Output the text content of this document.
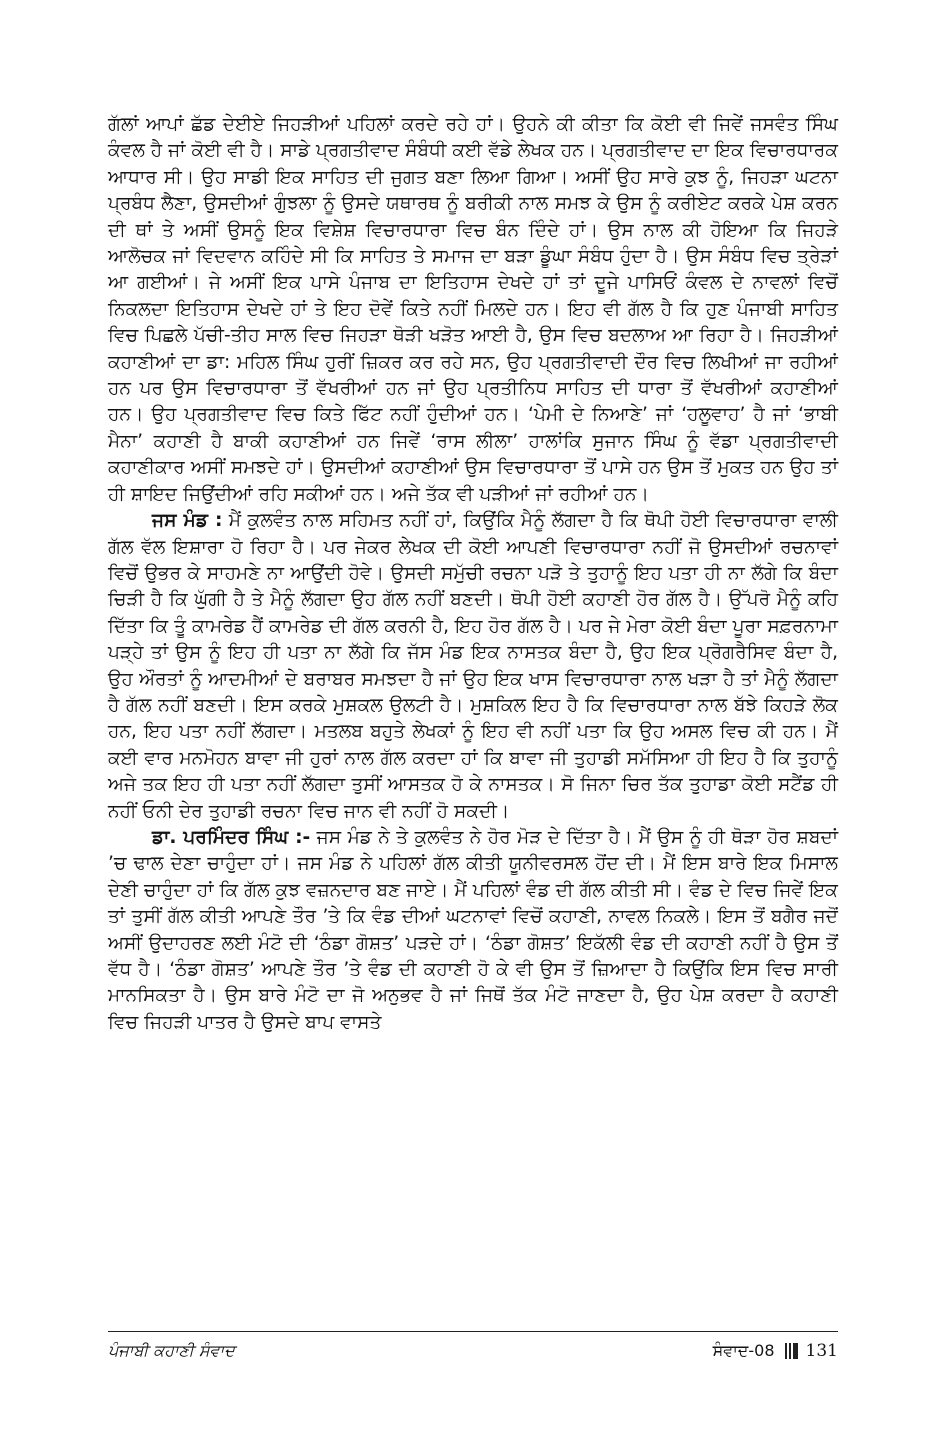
ਗੱਲਾਂ ਆਪਾਂ ਛੱਡ ਦੇਈਏ ਜਿਹੜੀਆਂ ਪਹਿਲਾਂ ਕਰਦੇ ਰਹੇ ਹਾਂ। ਉਹਨੇ ਕੀ ਕੀਤਾ ਕਿ ਕੋਈ ਵੀ ਜਿਵੇਂ ਜਸਵੰਤ ਸਿੰਘ ਕੰਵਲ ਹੈ ਜਾਂ ਕੋਈ ਵੀ ਹੈ। ਸਾਡੇ ਪ੍ਰਗਤੀਵਾਦ ਸੰਬੰਧੀ ਕਈ ਵੱਡੇ ਲੇਖਕ ਹਨ। ਪ੍ਰਗਤੀਵਾਦ ਦਾ ਇਕ ਵਿਚਾਰਧਾਰਕ ਆਧਾਰ ਸੀ। ਉਹ ਸਾਡੀ ਇਕ ਸਾਹਿਤ ਦੀ ਜੁਗਤ ਬਣਾ ਲਿਆ ਗਿਆ। ਅਸੀਂ ਉਹ ਸਾਰੇ ਕੁਝ ਨੂੰ, ਜਿਹੜਾ ਘਟਨਾ ਪ੍ਰਬੰਧ ਲੈਣਾ, ਉਸਦੀਆਂ ਗੁੰਝਲਾ ਨੂੰ ਉਸਦੇ ਯਥਾਰਥ ਨੂੰ ਬਰੀਕੀ ਨਾਲ ਸਮਝ ਕੇ ਉਸ ਨੂੰ ਕਰੀਏਟ ਕਰਕੇ ਪੇਸ਼ ਕਰਨ ਦੀ ਥਾਂ ਤੇ ਅਸੀਂ ਉਸਨੂੰ ਇਕ ਵਿਸ਼ੇਸ਼ ਵਿਚਾਰਧਾਰਾ ਵਿਚ ਬੰਨ ਦਿੰਦੇ ਹਾਂ। ਉਸ ਨਾਲ ਕੀ ਹੋਇਆ ਕਿ ਜਿਹੜੇ ਆਲੋਚਕ ਜਾਂ ਵਿਦਵਾਨ ਕਹਿੰਦੇ ਸੀ ਕਿ ਸਾਹਿਤ ਤੇ ਸਮਾਜ ਦਾ ਬੜਾ ਡੂੰਘਾ ਸੰਬੰਧ ਹੁੰਦਾ ਹੈ। ਉਸ ਸੰਬੰਧ ਵਿਚ ਤ੍ਰੇੜਾਂ ਆ ਗਈਆਂ। ਜੇ ਅਸੀਂ ਇਕ ਪਾਸੇ ਪੰਜਾਬ ਦਾ ਇਤਿਹਾਸ ਦੇਖਦੇ ਹਾਂ ਤਾਂ ਦੂਜੇ ਪਾਸਿਓਂ ਕੰਵਲ ਦੇ ਨਾਵਲਾਂ ਵਿਚੋਂ ਨਿਕਲਦਾ ਇਤਿਹਾਸ ਦੇਖਦੇ ਹਾਂ ਤੇ ਇਹ ਦੋਵੇਂ ਕਿਤੇ ਨਹੀਂ ਮਿਲਦੇ ਹਨ। ਇਹ ਵੀ ਗੱਲ ਹੈ ਕਿ ਹੁਣ ਪੰਜਾਬੀ ਸਾਹਿਤ ਵਿਚ ਪਿਛਲੇ ਪੱਚੀ-ਤੀਹ ਸਾਲ ਵਿਚ ਜਿਹੜਾ ਥੋੜੀ ਖੜੋਤ ਆਈ ਹੈ, ਉਸ ਵਿਚ ਬਦਲਾਅ ਆ ਰਿਹਾ ਹੈ। ਜਿਹੜੀਆਂ ਕਹਾਣੀਆਂ ਦਾ ਡਾ: ਮਹਿਲ ਸਿੰਘ ਹੁਰੀਂ ਜ਼ਿਕਰ ਕਰ ਰਹੇ ਸਨ, ਉਹ ਪ੍ਰਗਤੀਵਾਦੀ ਦੌਰ ਵਿਚ ਲਿਖੀਆਂ ਜਾ ਰਹੀਆਂ ਹਨ ਪਰ ਉਸ ਵਿਚਾਰਧਾਰਾ ਤੋਂ ਵੱਖਰੀਆਂ ਹਨ ਜਾਂ ਉਹ ਪ੍ਰਤੀਨਿਧ ਸਾਹਿਤ ਦੀ ਧਾਰਾ ਤੋਂ ਵੱਖਰੀਆਂ ਕਹਾਣੀਆਂ ਹਨ। ਉਹ ਪ੍ਰਗਤੀਵਾਦ ਵਿਚ ਕਿਤੇ ਫਿੱਟ ਨਹੀਂ ਹੁੰਦੀਆਂ ਹਨ। ‘ਪੇਮੀ ਦੇ ਨਿਆਣੇ’ ਜਾਂ ‘ਹਲੂਵਾਹ’ ਹੈ ਜਾਂ ‘ਭਾਬੀ ਮੈਨਾ’ ਕਹਾਣੀ ਹੈ ਬਾਕੀ ਕਹਾਣੀਆਂ ਹਨ ਜਿਵੇਂ ‘ਰਾਸ ਲੀਲਾ’ ਹਾਲਾਂਕਿ ਸੁਜਾਨ ਸਿੰਘ ਨੂੰ ਵੱਡਾ ਪ੍ਰਗਤੀਵਾਦੀ ਕਹਾਣੀਕਾਰ ਅਸੀਂ ਸਮਝਦੇ ਹਾਂ। ਉਸਦੀਆਂ ਕਹਾਣੀਆਂ ਉਸ ਵਿਚਾਰਧਾਰਾ ਤੋਂ ਪਾਸੇ ਹਨ ਉਸ ਤੋਂ ਮੁਕਤ ਹਨ ਉਹ ਤਾਂ ਹੀ ਸ਼ਾਇਦ ਜਿਉਂਦੀਆਂ ਰਹਿ ਸਕੀਆਂ ਹਨ। ਅਜੇ ਤੱਕ ਵੀ ਪੜੀਆਂ ਜਾਂ ਰਹੀਆਂ ਹਨ।

ਜਸ ਮੰਡ : ਮੈਂ ਕੁਲਵੰਤ ਨਾਲ ਸਹਿਮਤ ਨਹੀਂ ਹਾਂ, ਕਿਉਂਕਿ ਮੈਨੂੰ ਲੱਗਦਾ ਹੈ ਕਿ ਥੋਪੀ ਹੋਈ ਵਿਚਾਰਧਾਰਾ ਵਾਲੀ ਗੱਲ ਵੱਲ ਇਸ਼ਾਰਾ ਹੋ ਰਿਹਾ ਹੈ। ਪਰ ਜੇਕਰ ਲੇਖਕ ਦੀ ਕੋਈ ਆਪਣੀ ਵਿਚਾਰਧਾਰਾ ਨਹੀਂ ਜੋ ਉਸਦੀਆਂ ਰਚਨਾਵਾਂ ਵਿਚੋਂ ਉਭਰ ਕੇ ਸਾਹਮਣੇ ਨਾ ਆਉਂਦੀ ਹੋਵੇ। ਉਸਦੀ ਸਮੁੱਚੀ ਰਚਨਾ ਪੜੋ ਤੇ ਤੁਹਾਨੂੰ ਇਹ ਪਤਾ ਹੀ ਨਾ ਲੱਗੇ ਕਿ ਬੰਦਾ ਚਿੜੀ ਹੈ ਕਿ ਘੁੱਗੀ ਹੈ ਤੇ ਮੈਨੂੰ ਲੱਗਦਾ ਉਹ ਗੱਲ ਨਹੀਂ ਬਣਦੀ। ਥੋਪੀ ਹੋਈ ਕਹਾਣੀ ਹੋਰ ਗੱਲ ਹੈ। ਉੱਪਰੋ ਮੈਨੂੰ ਕਹਿ ਦਿੱਤਾ ਕਿ ਤੂੰ ਕਾਮਰੇਡ ਹੈਂ ਕਾਮਰੇਡ ਦੀ ਗੱਲ ਕਰਨੀ ਹੈ, ਇਹ ਹੋਰ ਗੱਲ ਹੈ। ਪਰ ਜੇ ਮੇਰਾ ਕੋਈ ਬੰਦਾ ਪੂਰਾ ਸਫ਼ਰਨਾਮਾ ਪੜ੍ਹੇ ਤਾਂ ਉਸ ਨੂੰ ਇਹ ਹੀ ਪਤਾ ਨਾ ਲੱਗੇ ਕਿ ਜੱਸ ਮੰਡ ਇਕ ਨਾਸਤਕ ਬੰਦਾ ਹੈ, ਉਹ ਇਕ ਪ੍ਰੋਗਰੈਸਿਵ ਬੰਦਾ ਹੈ, ਉਹ ਔਰਤਾਂ ਨੂੰ ਆਦਮੀਆਂ ਦੇ ਬਰਾਬਰ ਸਮਝਦਾ ਹੈ ਜਾਂ ਉਹ ਇਕ ਖਾਸ ਵਿਚਾਰਧਾਰਾ ਨਾਲ ਖੜਾ ਹੈ ਤਾਂ ਮੈਨੂੰ ਲੱਗਦਾ ਹੈ ਗੱਲ ਨਹੀਂ ਬਣਦੀ। ਇਸ ਕਰਕੇ ਮੁਸ਼ਕਲ ਉਲਟੀ ਹੈ। ਮੁਸ਼ਕਿਲ ਇਹ ਹੈ ਕਿ ਵਿਚਾਰਧਾਰਾ ਨਾਲ ਬੱਝੇ ਕਿਹੜੇ ਲੋਕ ਹਨ, ਇਹ ਪਤਾ ਨਹੀਂ ਲੱਗਦਾ। ਮਤਲਬ ਬਹੁਤੇ ਲੇਖਕਾਂ ਨੂੰ ਇਹ ਵੀ ਨਹੀਂ ਪਤਾ ਕਿ ਉਹ ਅਸਲ ਵਿਚ ਕੀ ਹਨ। ਮੈਂ ਕਈ ਵਾਰ ਮਨਮੋਹਨ ਬਾਵਾ ਜੀ ਹੁਰਾਂ ਨਾਲ ਗੱਲ ਕਰਦਾ ਹਾਂ ਕਿ ਬਾਵਾ ਜੀ ਤੁਹਾਡੀ ਸਮੱਸਿਆ ਹੀ ਇਹ ਹੈ ਕਿ ਤੁਹਾਨੂੰ ਅਜੇ ਤਕ ਇਹ ਹੀ ਪਤਾ ਨਹੀਂ ਲੱਗਦਾ ਤੁਸੀਂ ਆਸਤਕ ਹੋ ਕੇ ਨਾਸਤਕ। ਸੋ ਜਿਨਾ ਚਿਰ ਤੱਕ ਤੁਹਾਡਾ ਕੋਈ ਸਟੈਂਡ ਹੀ ਨਹੀਂ ਓਨੀ ਦੇਰ ਤੁਹਾਡੀ ਰਚਨਾ ਵਿਚ ਜਾਨ ਵੀ ਨਹੀਂ ਹੋ ਸਕਦੀ।

ਡਾ. ਪਰਮਿੰਦਰ ਸਿੰਘ :- ਜਸ ਮੰਡ ਨੇ ਤੇ ਕੁਲਵੰਤ ਨੇ ਹੋਰ ਮੋੜ ਦੇ ਦਿੱਤਾ ਹੈ। ਮੈਂ ਉਸ ਨੂੰ ਹੀ ਥੋੜਾ ਹੋਰ ਸ਼ਬਦਾਂ ’ਚ ਢਾਲ ਦੇਣਾ ਚਾਹੁੰਦਾ ਹਾਂ। ਜਸ ਮੰਡ ਨੇ ਪਹਿਲਾਂ ਗੱਲ ਕੀਤੀ ਯੂਨੀਵਰਸਲ ਹੋਂਦ ਦੀ। ਮੈਂ ਇਸ ਬਾਰੇ ਇਕ ਮਿਸਾਲ ਦੇਣੀ ਚਾਹੁੰਦਾ ਹਾਂ ਕਿ ਗੱਲ ਕੁਝ ਵਜ਼ਨਦਾਰ ਬਣ ਜਾਏ। ਮੈਂ ਪਹਿਲਾਂ ਵੰਡ ਦੀ ਗੱਲ ਕੀਤੀ ਸੀ। ਵੰਡ ਦੇ ਵਿਚ ਜਿਵੇਂ ਇਕ ਤਾਂ ਤੁਸੀਂ ਗੱਲ ਕੀਤੀ ਆਪਣੇ ਤੌਰ ’ਤੇ ਕਿ ਵੰਡ ਦੀਆਂ ਘਟਨਾਵਾਂ ਵਿਚੋਂ ਕਹਾਣੀ, ਨਾਵਲ ਨਿਕਲੇ। ਇਸ ਤੋਂ ਬਗੈਰ ਜਦੋਂ ਅਸੀਂ ਉਦਾਹਰਣ ਲਈ ਮੰਟੋ ਦੀ ‘ਠੰਡਾ ਗੋਸ਼ਤ’ ਪੜਦੇ ਹਾਂ। ‘ਠੰਡਾ ਗੋਸ਼ਤ’ ਇਕੱਲੀ ਵੰਡ ਦੀ ਕਹਾਣੀ ਨਹੀਂ ਹੈ ਉਸ ਤੋਂ ਵੱਧ ਹੈ। ‘ਠੰਡਾ ਗੋਸ਼ਤ’ ਆਪਣੇ ਤੌਰ ’ਤੇ ਵੰਡ ਦੀ ਕਹਾਣੀ ਹੋ ਕੇ ਵੀ ਉਸ ਤੋਂ ਜ਼ਿਆਦਾ ਹੈ ਕਿਉਂਕਿ ਇਸ ਵਿਚ ਸਾਰੀ ਮਾਨਸਿਕਤਾ ਹੈ। ਉਸ ਬਾਰੇ ਮੰਟੋ ਦਾ ਜੋ ਅਨੁਭਵ ਹੈ ਜਾਂ ਜਿਥੋਂ ਤੱਕ ਮੰਟੋ ਜਾਣਦਾ ਹੈ, ਉਹ ਪੇਸ਼ ਕਰਦਾ ਹੈ ਕਹਾਣੀ ਵਿਚ ਜਿਹੜੀ ਪਾਤਰ ਹੈ ਉਸਦੇ ਬਾਪ ਵਾਸਤੇ

ਪੰਜਾਬੀ ਕਹਾਣੀ ਸੰਵਾਦ	ਸੰਵਾਦ-08 131
